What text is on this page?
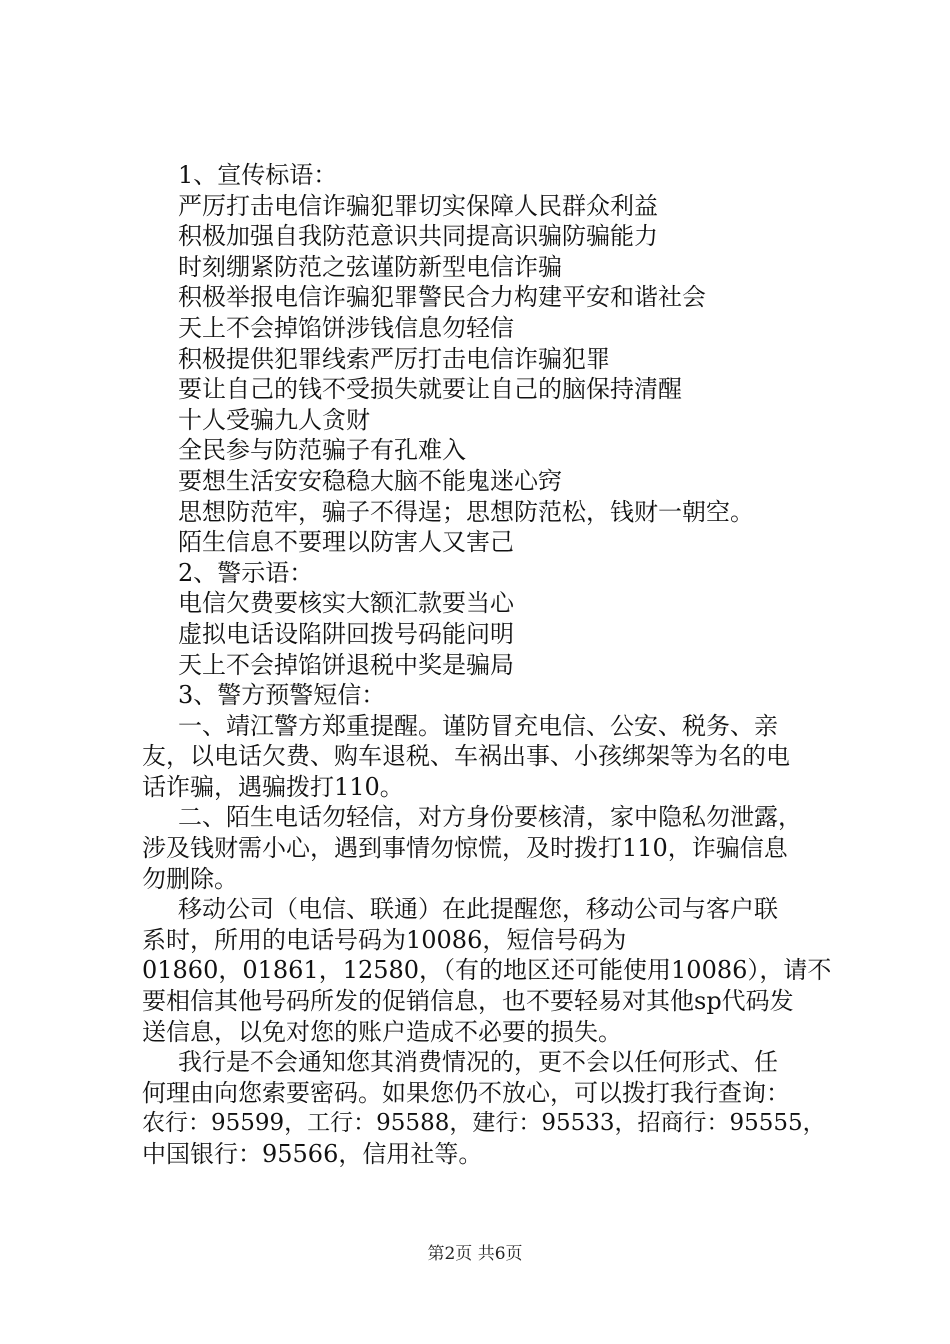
1、宣传标语：

严厉打击电信诈骗犯罪切实保障人民群众利益

积极加强自我防范意识共同提高识骗防骗能力

时刻绷紧防范之弦谨防新型电信诈骗

积极举报电信诈骗犯罪警民合力构建平安和谐社会

天上不会掉馅饼涉钱信息勿轻信

积极提供犯罪线索严厉打击电信诈骗犯罪

要让自己的钱不受损失就要让自己的脑保持清醒

十人受骗九人贪财

全民参与防范骗子有孔难入

要想生活安安稳稳大脑不能鬼迷心窍

思想防范牢，骗子不得逞；思想防范松，钱财一朝空。

陌生信息不要理以防害人又害己

2、警示语：

电信欠费要核实大额汇款要当心

虚拟电话设陷阱回拨号码能问明

天上不会掉馅饼退税中奖是骗局

3、警方预警短信：

一、靖江警方郑重提醒。谨防冒充电信、公安、税务、亲

友，以电话欠费、购车退税、车祸出事、小孩绑架等为名的电

话诈骗，遇骗拨打110。

二、陌生电话勿轻信，对方身份要核清，家中隐私勿泄露，

涉及钱财需小心，遇到事情勿惊慌，及时拨打110，诈骗信息

勿删除。

移动公司（电信、联通）在此提醒您，移动公司与客户联

系时，所用的电话号码为10086，短信号码为

01860，01861，12580，（有的地区还可能使用10086），请不

要相信其他号码所发的促销信息，也不要轻易对其他sp代码发

送信息，以免对您的账户造成不必要的损失。

我行是不会通知您其消费情况的，更不会以任何形式、任

何理由向您索要密码。如果您仍不放心，可以拨打我行查询：

农行：95599，工行：95588，建行：95533，招商行：95555，

中国银行：95566，信用社等。

第2页 共6页
